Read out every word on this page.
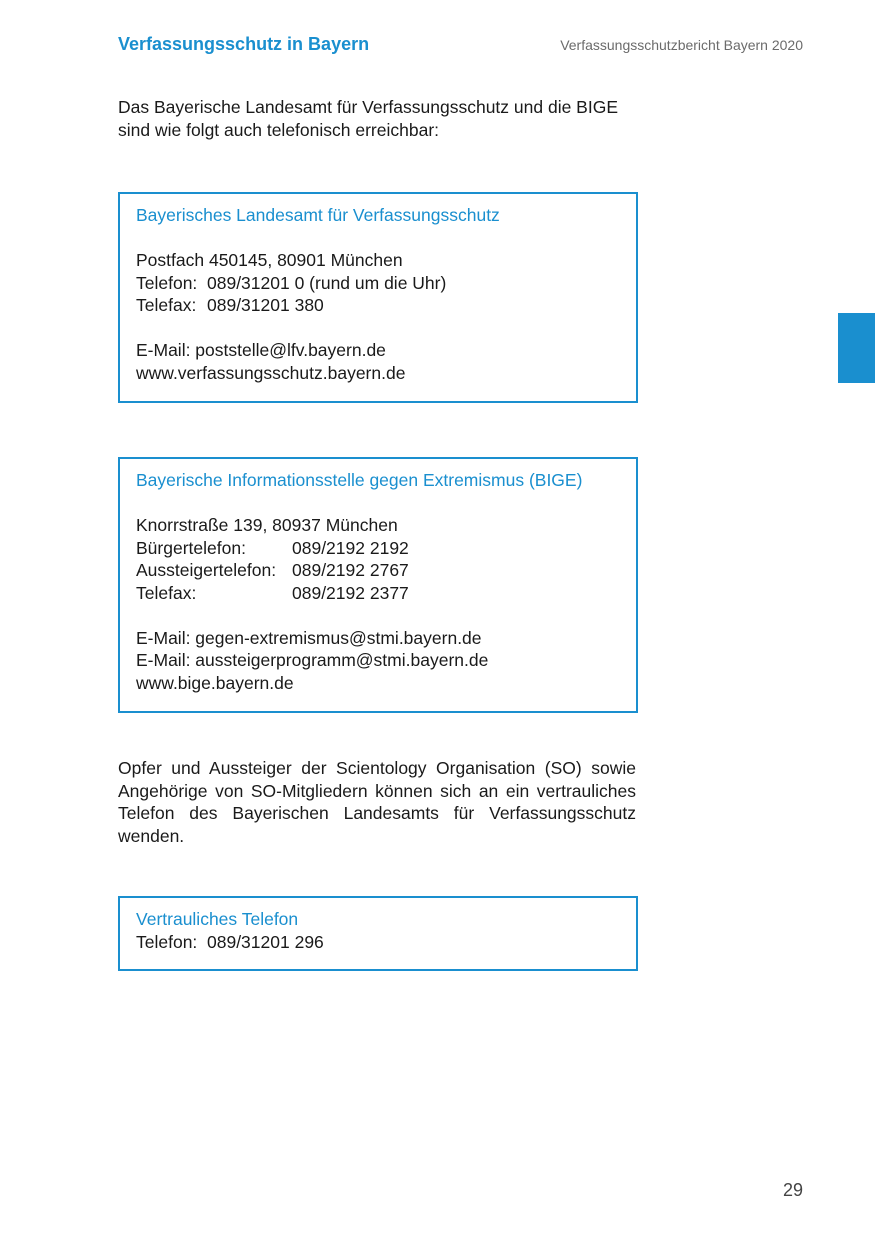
Verfassungsschutz in Bayern	Verfassungsschutzbericht Bayern 2020
Das Bayerische Landesamt für Verfassungsschutz und die BIGE
sind wie folgt auch telefonisch erreichbar:
Bayerisches Landesamt für Verfassungsschutz
Postfach 450145, 80901 München
Telefon: 089/31201 0 (rund um die Uhr)
Telefax: 089/31201 380
E-Mail: poststelle@lfv.bayern.de
www.verfassungsschutz.bayern.de
Bayerische Informationsstelle gegen Extremismus (BIGE)
Knorrstraße 139, 80937 München
Bürgertelefon:	089/2192 2192
Aussteigertelefon: 089/2192 2767
Telefax:	089/2192 2377
E-Mail: gegen-extremismus@stmi.bayern.de
E-Mail: aussteigerprogramm@stmi.bayern.de
www.bige.bayern.de
Opfer und Aussteiger der Scientology Organisation (SO) sowie Angehörige von SO-Mitgliedern können sich an ein vertrauliches Telefon des Bayerischen Landesamts für Verfassungsschutz wenden.
Vertrauliches Telefon
Telefon: 089/31201 296
29
